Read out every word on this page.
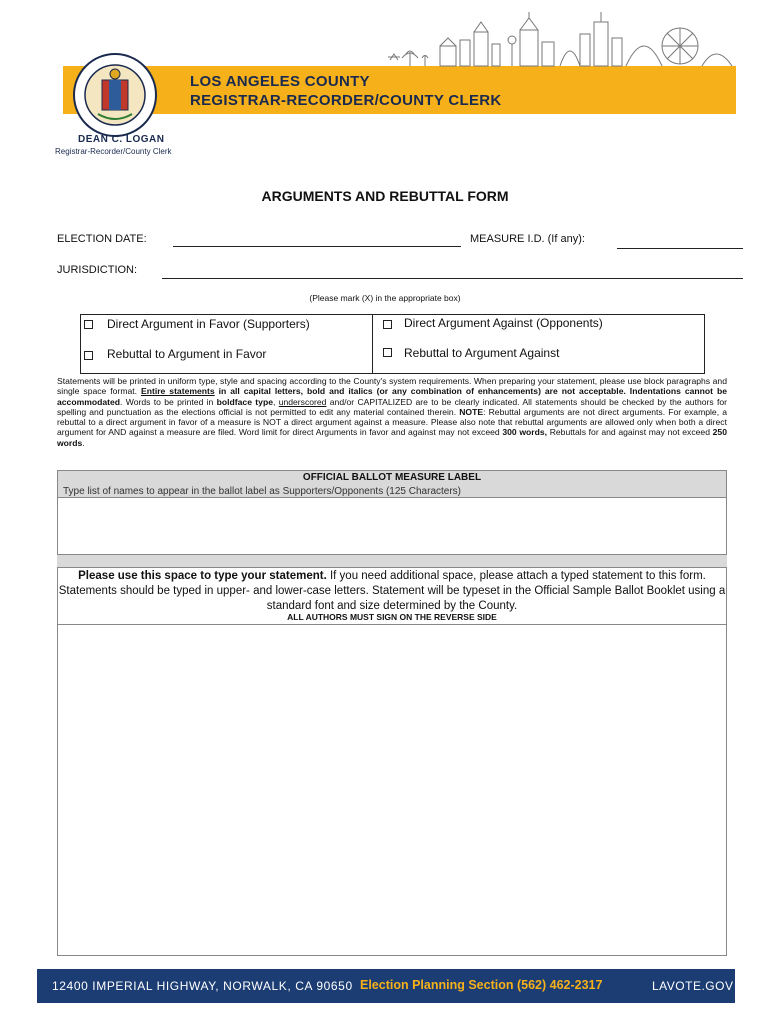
LOS ANGELES COUNTY
REGISTRAR-RECORDER/COUNTY CLERK
DEAN C. LOGAN
Registrar-Recorder/County Clerk
ARGUMENTS AND REBUTTAL FORM
ELECTION DATE:	MEASURE I.D. (If any):
JURISDICTION:
(Please mark (X) in the appropriate box)
Direct Argument in Favor (Supporters)	Direct Argument Against (Opponents)
Rebuttal to Argument in Favor	Rebuttal to Argument Against
Statements will be printed in uniform type, style and spacing according to the County's system requirements. When preparing your statement, please use block paragraphs and single space format. Entire statements in all capital letters, bold and italics (or any combination of enhancements) are not acceptable. Indentations cannot be accommodated. Words to be printed in boldface type, underscored and/or CAPITALIZED are to be clearly indicated. All statements should be checked by the authors for spelling and punctuation as the elections official is not permitted to edit any material contained therein. NOTE: Rebuttal arguments are not direct arguments. For example, a rebuttal to a direct argument in favor of a measure is NOT a direct argument against a measure. Please also note that rebuttal arguments are allowed only when both a direct argument for AND against a measure are filed. Word limit for direct Arguments in favor and against may not exceed 300 words, Rebuttals for and against may not exceed 250 words.
OFFICIAL BALLOT MEASURE LABEL
Type list of names to appear in the ballot label as Supporters/Opponents (125 Characters)
Please use this space to type your statement. If you need additional space, please attach a typed statement to this form. Statements should be typed in upper- and lower-case letters. Statement will be typeset in the Official Sample Ballot Booklet using a standard font and size determined by the County.
ALL AUTHORS MUST SIGN ON THE REVERSE SIDE
12400 IMPERIAL HIGHWAY, NORWALK, CA 90650 Election Planning Section (562) 462-2317	LAVOTE.GOV
